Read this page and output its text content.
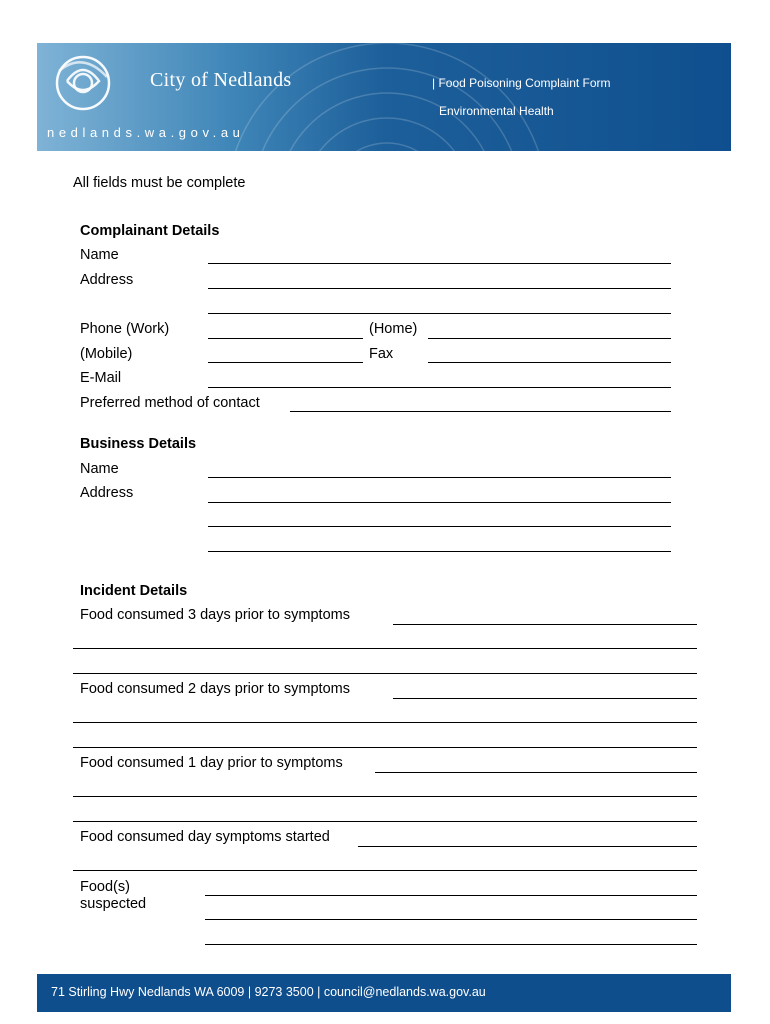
City of Nedlands	| Food Poisoning Complaint Form
Environmental Health
nedlands.wa.gov.au
All fields must be complete
Complainant Details
Name
Address
Phone (Work)	(Home)
(Mobile)	Fax
E-Mail
Preferred method of contact
Business Details
Name
Address
Incident Details
Food consumed 3 days prior to symptoms
Food consumed 2 days prior to symptoms
Food consumed 1 day prior to symptoms
Food consumed day symptoms started
Food(s)
suspected
71 Stirling Hwy Nedlands WA 6009 | 9273 3500 | council@nedlands.wa.gov.au
